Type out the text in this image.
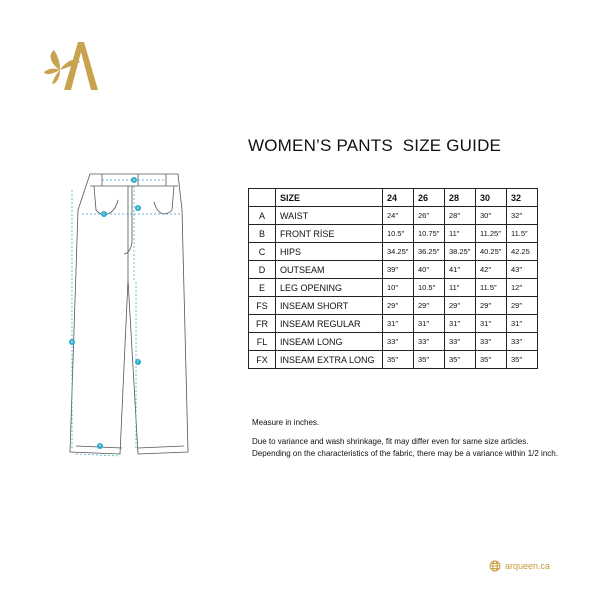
A
B
C
D
E
F
WOMEN’S PANTS  SIZE GUIDE
	SIZE	24	26	28	30	32
A	WAIST	24″	26″	28″	30″	32″
B	FRONT RİSE	10.5″	10.75″	11″	11.25″	11.5″
C	HIPS	34.25″	36.25″	38.25″	40.25″	42.25
D	OUTSEAM	39″	40″	41″	42″	43″
E	LEG OPENING	10″	10.5″	11″	11.5″	12″
FS	INSEAM SHORT	29″	29″	29″	29″	29″
FR	INSEAM REGULAR	31″	31″	31″	31″	31″
FL	INSEAM LONG	33″	33″	33″	33″	33″
FX	INSEAM EXTRA LONG	35″	35″	35″	35″	35″
Measure in inches.
Due to variance and wash shrinkage, fit may differ even for same size articles.
Depending on the characteristics of the fabric, there may be a variance within 1/2 inch.
arqueen.ca
